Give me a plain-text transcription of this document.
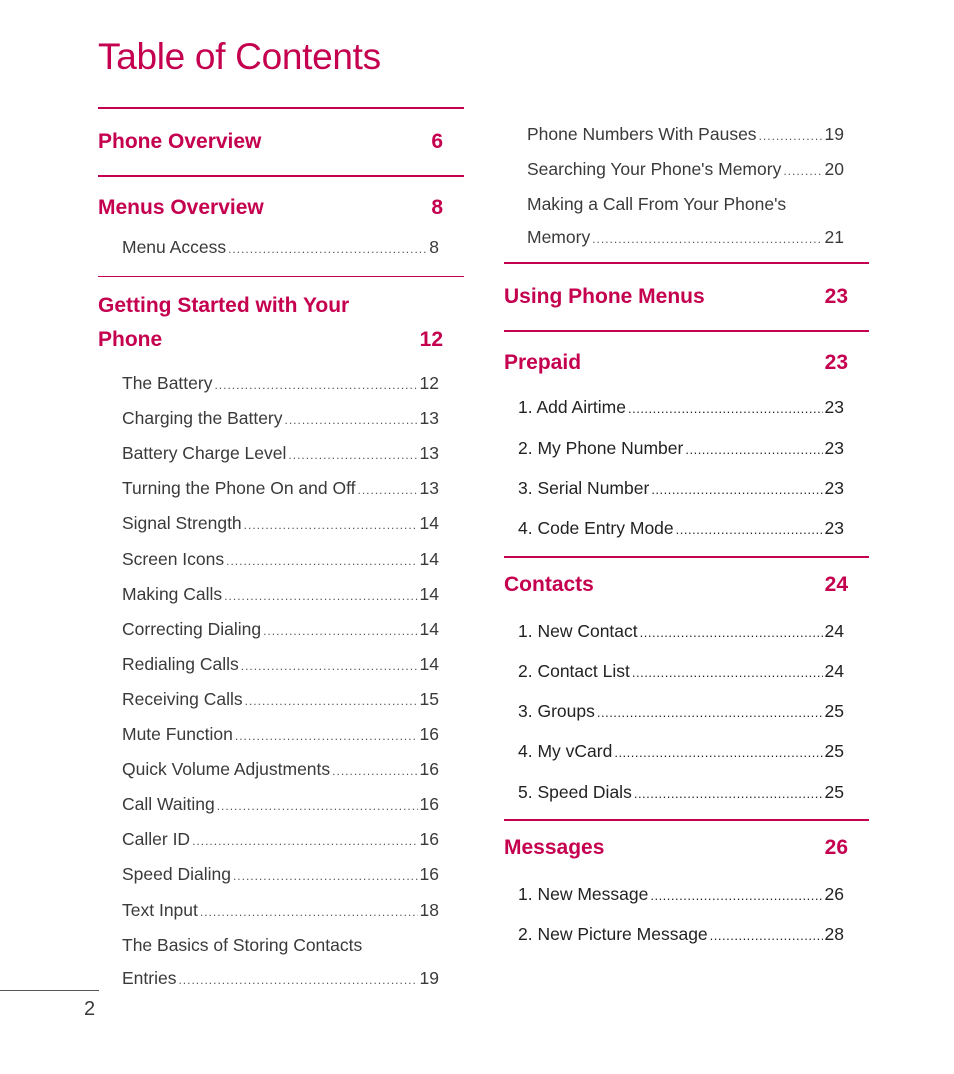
Table of Contents
Phone Overview	6
Menus Overview	8
Menu Access .....	8
Getting Started with Your
Phone	12
The Battery .....	12
Charging the Battery .....	13
Battery Charge Level .....	13
Turning the Phone On and Off .....	13
Signal Strength .....	14
Screen Icons .....	14
Making Calls .....	14
Correcting Dialing .....	14
Redialing Calls .....	14
Receiving Calls .....	15
Mute Function .....	16
Quick Volume Adjustments .....	16
Call Waiting .....	16
Caller ID .....	16
Speed Dialing .....	16
Text Input .....	18
The Basics of Storing Contacts
Entries .....	19
Phone Numbers With Pauses .....	19
Searching Your Phone's Memory ..... 20
Making a Call From Your Phone's
Memory .....	21
Using Phone Menus	23
Prepaid	23
1. Add Airtime .....	23
2. My Phone Number .....	23
3. Serial Number .....	23
4. Code Entry Mode .....	23
Contacts	24
1. New Contact .....	24
2. Contact List .....	24
3. Groups .....	25
4. My vCard .....	25
5. Speed Dials .....	25
Messages	26
1. New Message .....	26
2. New Picture Message .....	28
2
